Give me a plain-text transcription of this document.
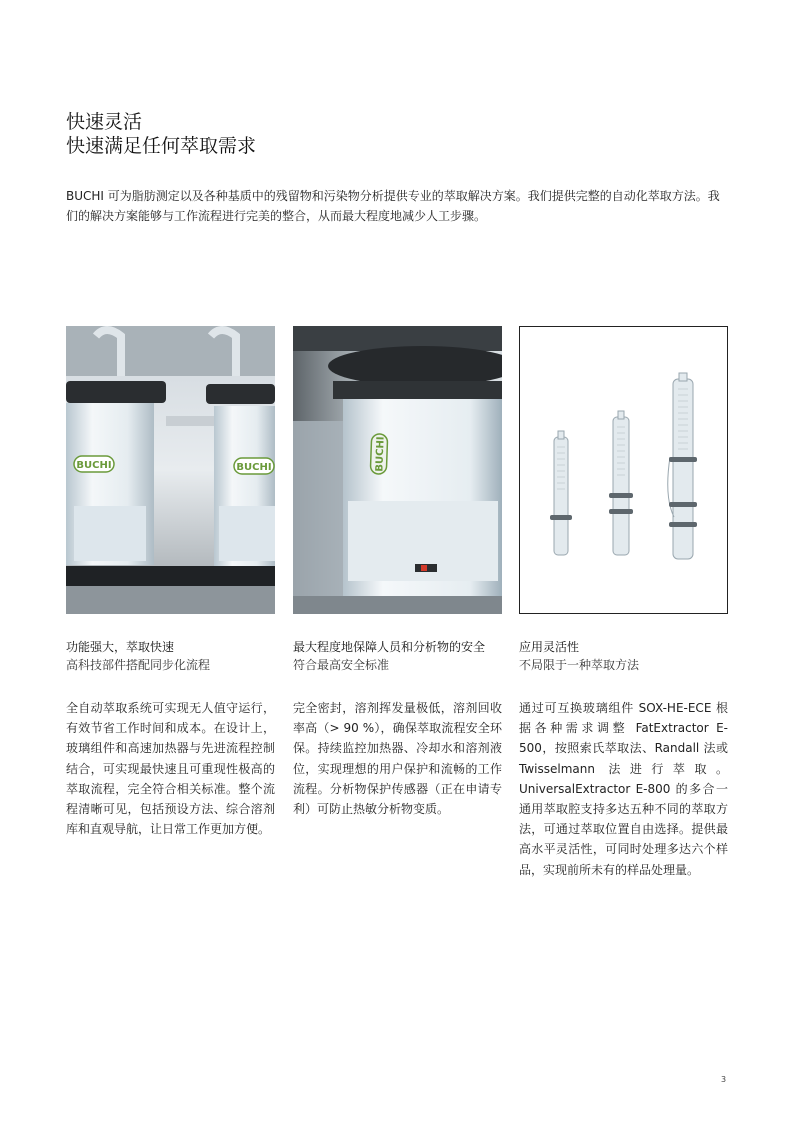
快速灵活
快速满足任何萃取需求
BUCHI 可为脂肪测定以及各种基质中的残留物和污染物分析提供专业的萃取解决方案。我们提供完整的自动化萃取方法。我们的解决方案能够与工作流程进行完美的整合，从而最大程度地减少人工步骤。
BUCHI	BUCHI
功能强大，萃取快速
高科技部件搭配同步化流程
全自动萃取系统可实现无人值守运行，有效节省工作时间和成本。在设计上，玻璃组件和高速加热器与先进流程控制结合，可实现最快速且可重现性极高的萃取流程，完全符合相关标准。整个流程清晰可见，包括预设方法、综合溶剂库和直观导航，让日常工作更加方便。
BUCHI
最大程度地保障人员和分析物的安全
符合最高安全标准
完全密封，溶剂挥发量极低，溶剂回收率高（> 90 %），确保萃取流程安全环保。持续监控加热器、冷却水和溶剂液位，实现理想的用户保护和流畅的工作流程。分析物保护传感器（正在申请专利）可防止热敏分析物变质。
应用灵活性
不局限于一种萃取方法
通过可互换玻璃组件 SOX-HE-ECE 根据各种需求调整 FatExtractor E-500，按照索氏萃取法、Randall 法或 Twisselmann 法进行萃取。UniversalExtractor E-800 的多合一通用萃取腔支持多达五种不同的萃取方法，可通过萃取位置自由选择。提供最高水平灵活性，可同时处理多达六个样品，实现前所未有的样品处理量。
3
